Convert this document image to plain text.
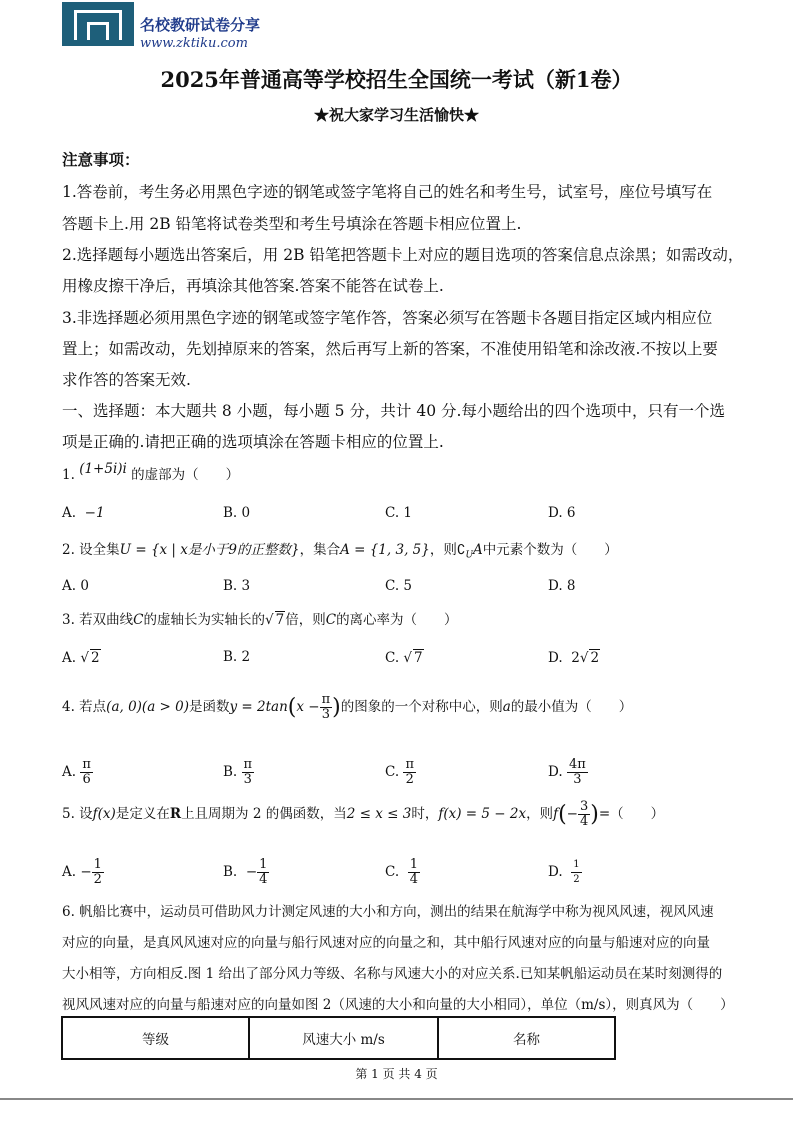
名校教研试卷分享
www.zktiku.com
2025年普通高等学校招生全国统一考试（新1卷）
★祝大家学习生活愉快★
注意事项：
1.答卷前，考生务必用黑色字迹的钢笔或签字笔将自己的姓名和考生号，试室号，座位号填写在
答题卡上.用 2B 铅笔将试卷类型和考生号填涂在答题卡相应位置上.
2.选择题每小题选出答案后，用 2B 铅笔把答题卡上对应的题目选项的答案信息点涂黑；如需改动，
用橡皮擦干净后，再填涂其他答案.答案不能答在试卷上.
3.非选择题必须用黑色字迹的钢笔或签字笔作答，答案必须写在答题卡各题目指定区域内相应位
置上；如需改动，先划掉原来的答案，然后再写上新的答案，不准使用铅笔和涂改液.不按以上要
求作答的答案无效.
一、选择题：本大题共 8 小题，每小题 5 分，共计 40 分.每小题给出的四个选项中，只有一个选
项是正确的.请把正确的选项填涂在答题卡相应的位置上.
1. (1+5i)i 的虚部为（　　）
A. −1	B. 0	C. 1	D. 6
2. 设全集U = {x | x是小于9的正整数}，集合A = {1, 3, 5}，则$∁_UA$中元素个数为（　　）
A. 0	B. 3	C. 5	D. 8
3. 若双曲线C的虚轴长为实轴长的√ 7倍，则C的离心率为（　　）
A. √ 2	B. 2	C. √ 7	D. 2√ 2
4. 若点(a, 0)(a > 0)是函数$y = 2\tan(x - \frac{\pi}{3}$ )的图象的一个对称中心，则a的最小值为（　　）
A. $\frac{\pi}{6}$	B. $\frac{\pi}{3}$	C. $\frac{\pi}{2}$	D. $\frac{4\pi}{3}$
5. 设f(x)是定义在R上且周期为 2 的偶函数，当2 ≤ x ≤ 3时，f(x) = 5 − 2x，则$f(- \frac{3}{4}$ )=（　　）
A. − $\frac{1}{2}$	B. − $\frac{1}{4}$	C. $\frac{1}{4}$	D. $\frac{1}{2}$
6. 帆船比赛中，运动员可借助风力计测定风速的大小和方向，测出的结果在航海学中称为视风风速，视风风速
对应的向量，是真风风速对应的向量与船行风速对应的向量之和，其中船行风速对应的向量与船速对应的向量
大小相等，方向相反.图 1 给出了部分风力等级、名称与风速大小的对应关系.已知某帆船运动员在某时刻测得的
视风风速对应的向量与船速对应的向量如图 2（风速的大小和向量的大小相同），单位（m/s），则真风为（　　）
等级	风速大小 m/s	名称
第 1 页 共 4 页
